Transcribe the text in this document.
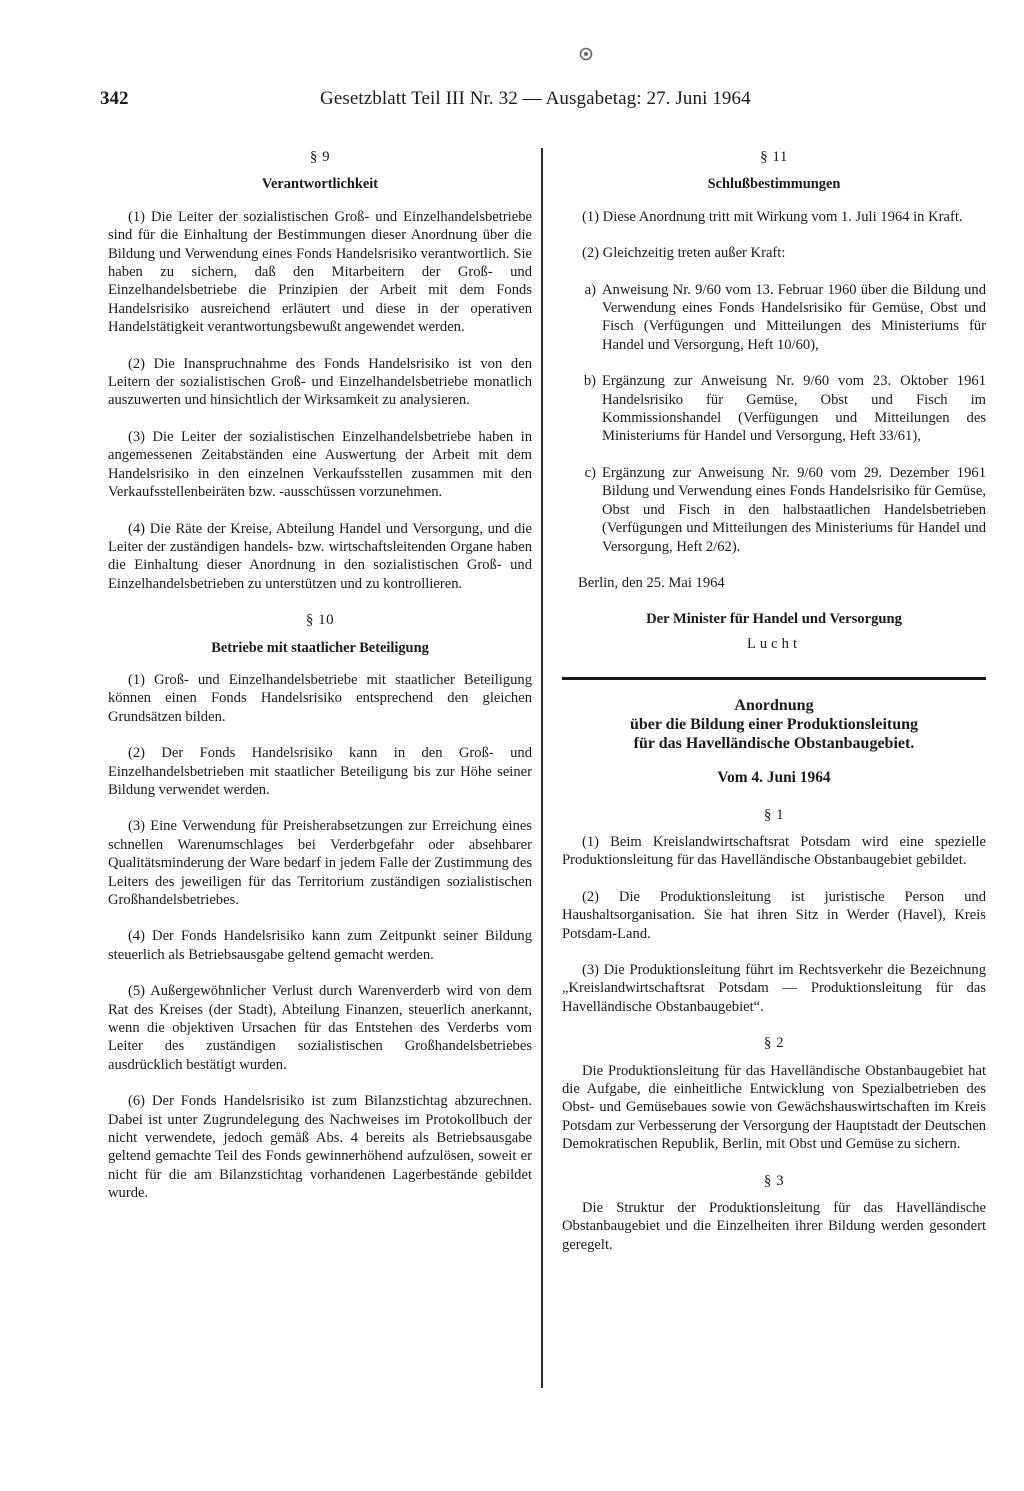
342	Gesetzblatt Teil III Nr. 32 — Ausgabetag: 27. Juni 1964
§ 9
Verantwortlichkeit

(1) Die Leiter der sozialistischen Groß- und Einzelhandelsbetriebe sind für die Einhaltung der Bestimmungen dieser Anordnung über die Bildung und Verwendung eines Fonds Handelsrisiko verantwortlich. Sie haben zu sichern, daß den Mitarbeitern der Groß- und Einzelhandelsbetriebe die Prinzipien der Arbeit mit dem Fonds Handelsrisiko ausreichend erläutert und diese in der operativen Handelstätigkeit verantwortungsbewußt angewendet werden.

(2) Die Inanspruchnahme des Fonds Handelsrisiko ist von den Leitern der sozialistischen Groß- und Einzelhandelsbetriebe monatlich auszuwerten und hinsichtlich der Wirksamkeit zu analysieren.

(3) Die Leiter der sozialistischen Einzelhandelsbetriebe haben in angemessenen Zeitabständen eine Auswertung der Arbeit mit dem Handelsrisiko in den einzelnen Verkaufsstellen zusammen mit den Verkaufsstellenbeiräten bzw. -ausschüssen vorzunehmen.

(4) Die Räte der Kreise, Abteilung Handel und Versorgung, und die Leiter der zuständigen handels- bzw. wirtschaftsleitenden Organe haben die Einhaltung dieser Anordnung in den sozialistischen Groß- und Einzelhandelsbetrieben zu unterstützen und zu kontrollieren.

§ 10
Betriebe mit staatlicher Beteiligung

(1) Groß- und Einzelhandelsbetriebe mit staatlicher Beteiligung können einen Fonds Handelsrisiko entsprechend den gleichen Grundsätzen bilden.

(2) Der Fonds Handelsrisiko kann in den Groß- und Einzelhandelsbetrieben mit staatlicher Beteiligung bis zur Höhe seiner Bildung verwendet werden.

(3) Eine Verwendung für Preisherabsetzungen zur Erreichung eines schnellen Warenumschlages bei Verderbgefahr oder absehbarer Qualitätsminderung der Ware bedarf in jedem Falle der Zustimmung des Leiters des jeweiligen für das Territorium zuständigen sozialistischen Großhandelsbetriebes.

(4) Der Fonds Handelsrisiko kann zum Zeitpunkt seiner Bildung steuerlich als Betriebsausgabe geltend gemacht werden.

(5) Außergewöhnlicher Verlust durch Warenverderb wird von dem Rat des Kreises (der Stadt), Abteilung Finanzen, steuerlich anerkannt, wenn die objektiven Ursachen für das Entstehen des Verderbs vom Leiter des zuständigen sozialistischen Großhandelsbetriebes ausdrücklich bestätigt wurden.

(6) Der Fonds Handelsrisiko ist zum Bilanzstichtag abzurechnen. Dabei ist unter Zugrundelegung des Nachweises im Protokollbuch der nicht verwendete, jedoch gemäß Abs. 4 bereits als Betriebsausgabe geltend gemachte Teil des Fonds gewinnerhöhend aufzulösen, soweit er nicht für die am Bilanzstichtag vorhandenen Lagerbestände gebildet wurde.

§ 11
Schlußbestimmungen

(1) Diese Anordnung tritt mit Wirkung vom 1. Juli 1964 in Kraft.

(2) Gleichzeitig treten außer Kraft:

a) Anweisung Nr. 9/60 vom 13. Februar 1960 über die Bildung und Verwendung eines Fonds Handelsrisiko für Gemüse, Obst und Fisch (Verfügungen und Mitteilungen des Ministeriums für Handel und Versorgung, Heft 10/60),
b) Ergänzung zur Anweisung Nr. 9/60 vom 23. Oktober 1961 Handelsrisiko für Gemüse, Obst und Fisch im Kommissionshandel (Verfügungen und Mitteilungen des Ministeriums für Handel und Versorgung, Heft 33/61),
c) Ergänzung zur Anweisung Nr. 9/60 vom 29. Dezember 1961 Bildung und Verwendung eines Fonds Handelsrisiko für Gemüse, Obst und Fisch in den halbstaatlichen Handelsbetrieben (Verfügungen und Mitteilungen des Ministeriums für Handel und Versorgung, Heft 2/62).
Berlin, den 25. Mai 1964
Der Minister für Handel und Versorgung
Lucht
Anordnung
über die Bildung einer Produktionsleitung
für das Havelländische Obstanbaugebiet.
Vom 4. Juni 1964
§ 1

(1) Beim Kreislandwirtschaftsrat Potsdam wird eine spezielle Produktionsleitung für das Havelländische Obstanbaugebiet gebildet.

(2) Die Produktionsleitung ist juristische Person und Haushaltsorganisation. Sie hat ihren Sitz in Werder (Havel), Kreis Potsdam-Land.

(3) Die Produktionsleitung führt im Rechtsverkehr die Bezeichnung „Kreislandwirtschaftsrat Potsdam — Produktionsleitung für das Havelländische Obstanbaugebiet“.

§ 2

Die Produktionsleitung für das Havelländische Obstanbaugebiet hat die Aufgabe, die einheitliche Entwicklung von Spezialbetrieben des Obst- und Gemüsebaues sowie von Gewächshauswirtschaften im Kreis Potsdam zur Verbesserung der Versorgung der Hauptstadt der Deutschen Demokratischen Republik, Berlin, mit Obst und Gemüse zu sichern.

§ 3

Die Struktur der Produktionsleitung für das Havelländische Obstanbaugebiet und die Einzelheiten ihrer Bildung werden gesondert geregelt.
